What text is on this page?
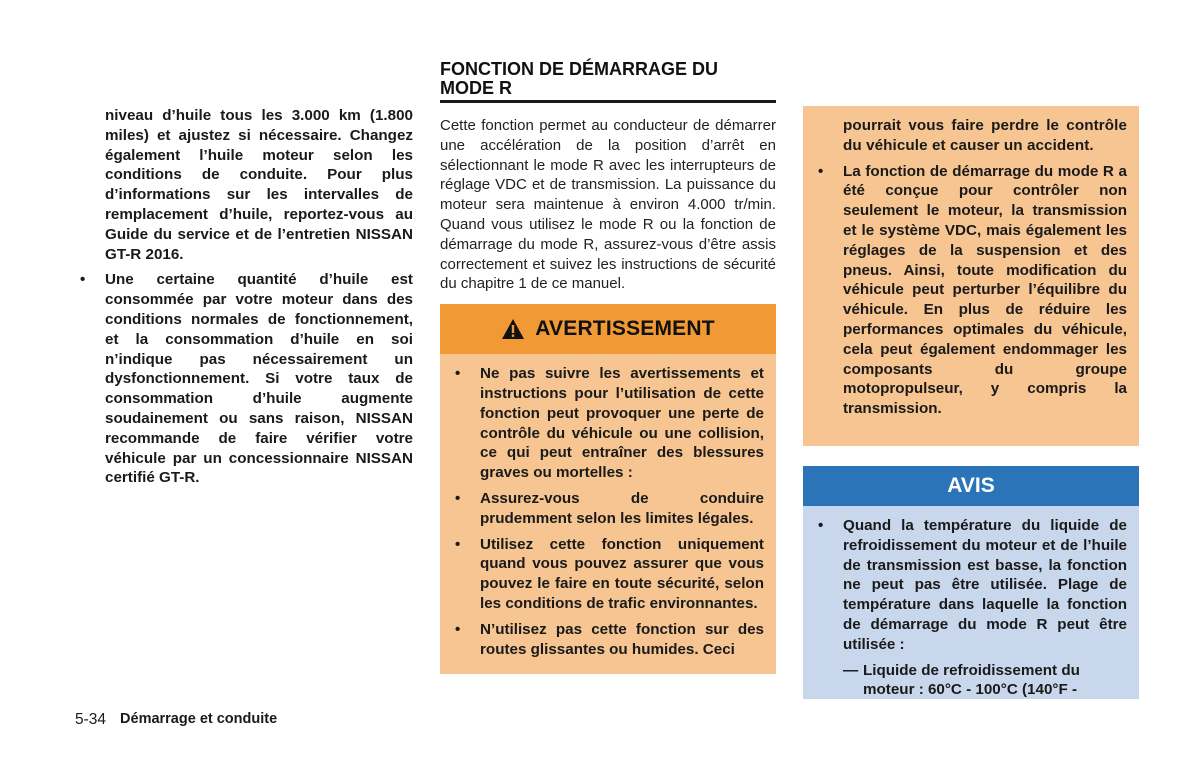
niveau d’huile tous les 3.000 km (1.800 miles) et ajustez si nécessaire. Changez également l’huile moteur selon les conditions de conduite. Pour plus d’informations sur les intervalles de remplacement d’huile, reportez-vous au Guide du service et de l’entretien NISSAN GT-R 2016.

• Une certaine quantité d’huile est consommée par votre moteur dans des conditions normales de fonctionnement, et la consommation d’huile en soi n’indique pas nécessairement un dysfonctionnement. Si votre taux de consommation d’huile augmente soudainement ou sans raison, NISSAN recommande de faire vérifier votre véhicule par un concessionnaire NISSAN certifié GT-R.
FONCTION DE DÉMARRAGE DU MODE R

Cette fonction permet au conducteur de démarrer une accélération de la position d’arrêt en sélectionnant le mode R avec les interrupteurs de réglage VDC et de transmission. La puissance du moteur sera maintenue à environ 4.000 tr/min. Quand vous utilisez le mode R ou la fonction de démarrage du mode R, assurez-vous d’être assis correctement et suivez les instructions de sécurité du chapitre 1 de ce manuel.

AVERTISSEMENT
• Ne pas suivre les avertissements et instructions pour l’utilisation de cette fonction peut provoquer une perte de contrôle du véhicule ou une collision, ce qui peut entraîner des blessures graves ou mortelles :
• Assurez-vous de conduire prudemment selon les limites légales.
• Utilisez cette fonction uniquement quand vous pouvez assurer que vous pouvez le faire en toute sécurité, selon les conditions de trafic environnantes.
• N’utilisez pas cette fonction sur des routes glissantes ou humides. Ceci

pourrait vous faire perdre le contrôle du véhicule et causer un accident.

• La fonction de démarrage du mode R a été conçue pour contrôler non seulement le moteur, la transmission et le système VDC, mais également les réglages de la suspension et des pneus. Ainsi, toute modification du véhicule peut perturber l’équilibre du véhicule. En plus de réduire les performances optimales du véhicule, cela peut également endommager les composants du groupe motopropulseur, y compris la transmission.
AVIS
• Quand la température du liquide de refroidissement du moteur et de l’huile de transmission est basse, la fonction ne peut pas être utilisée. Plage de température dans laquelle la fonction de démarrage du mode R peut être utilisée :
— Liquide de refroidissement du moteur : 60°C - 100°C (140°F -
5-34 Démarrage et conduite
